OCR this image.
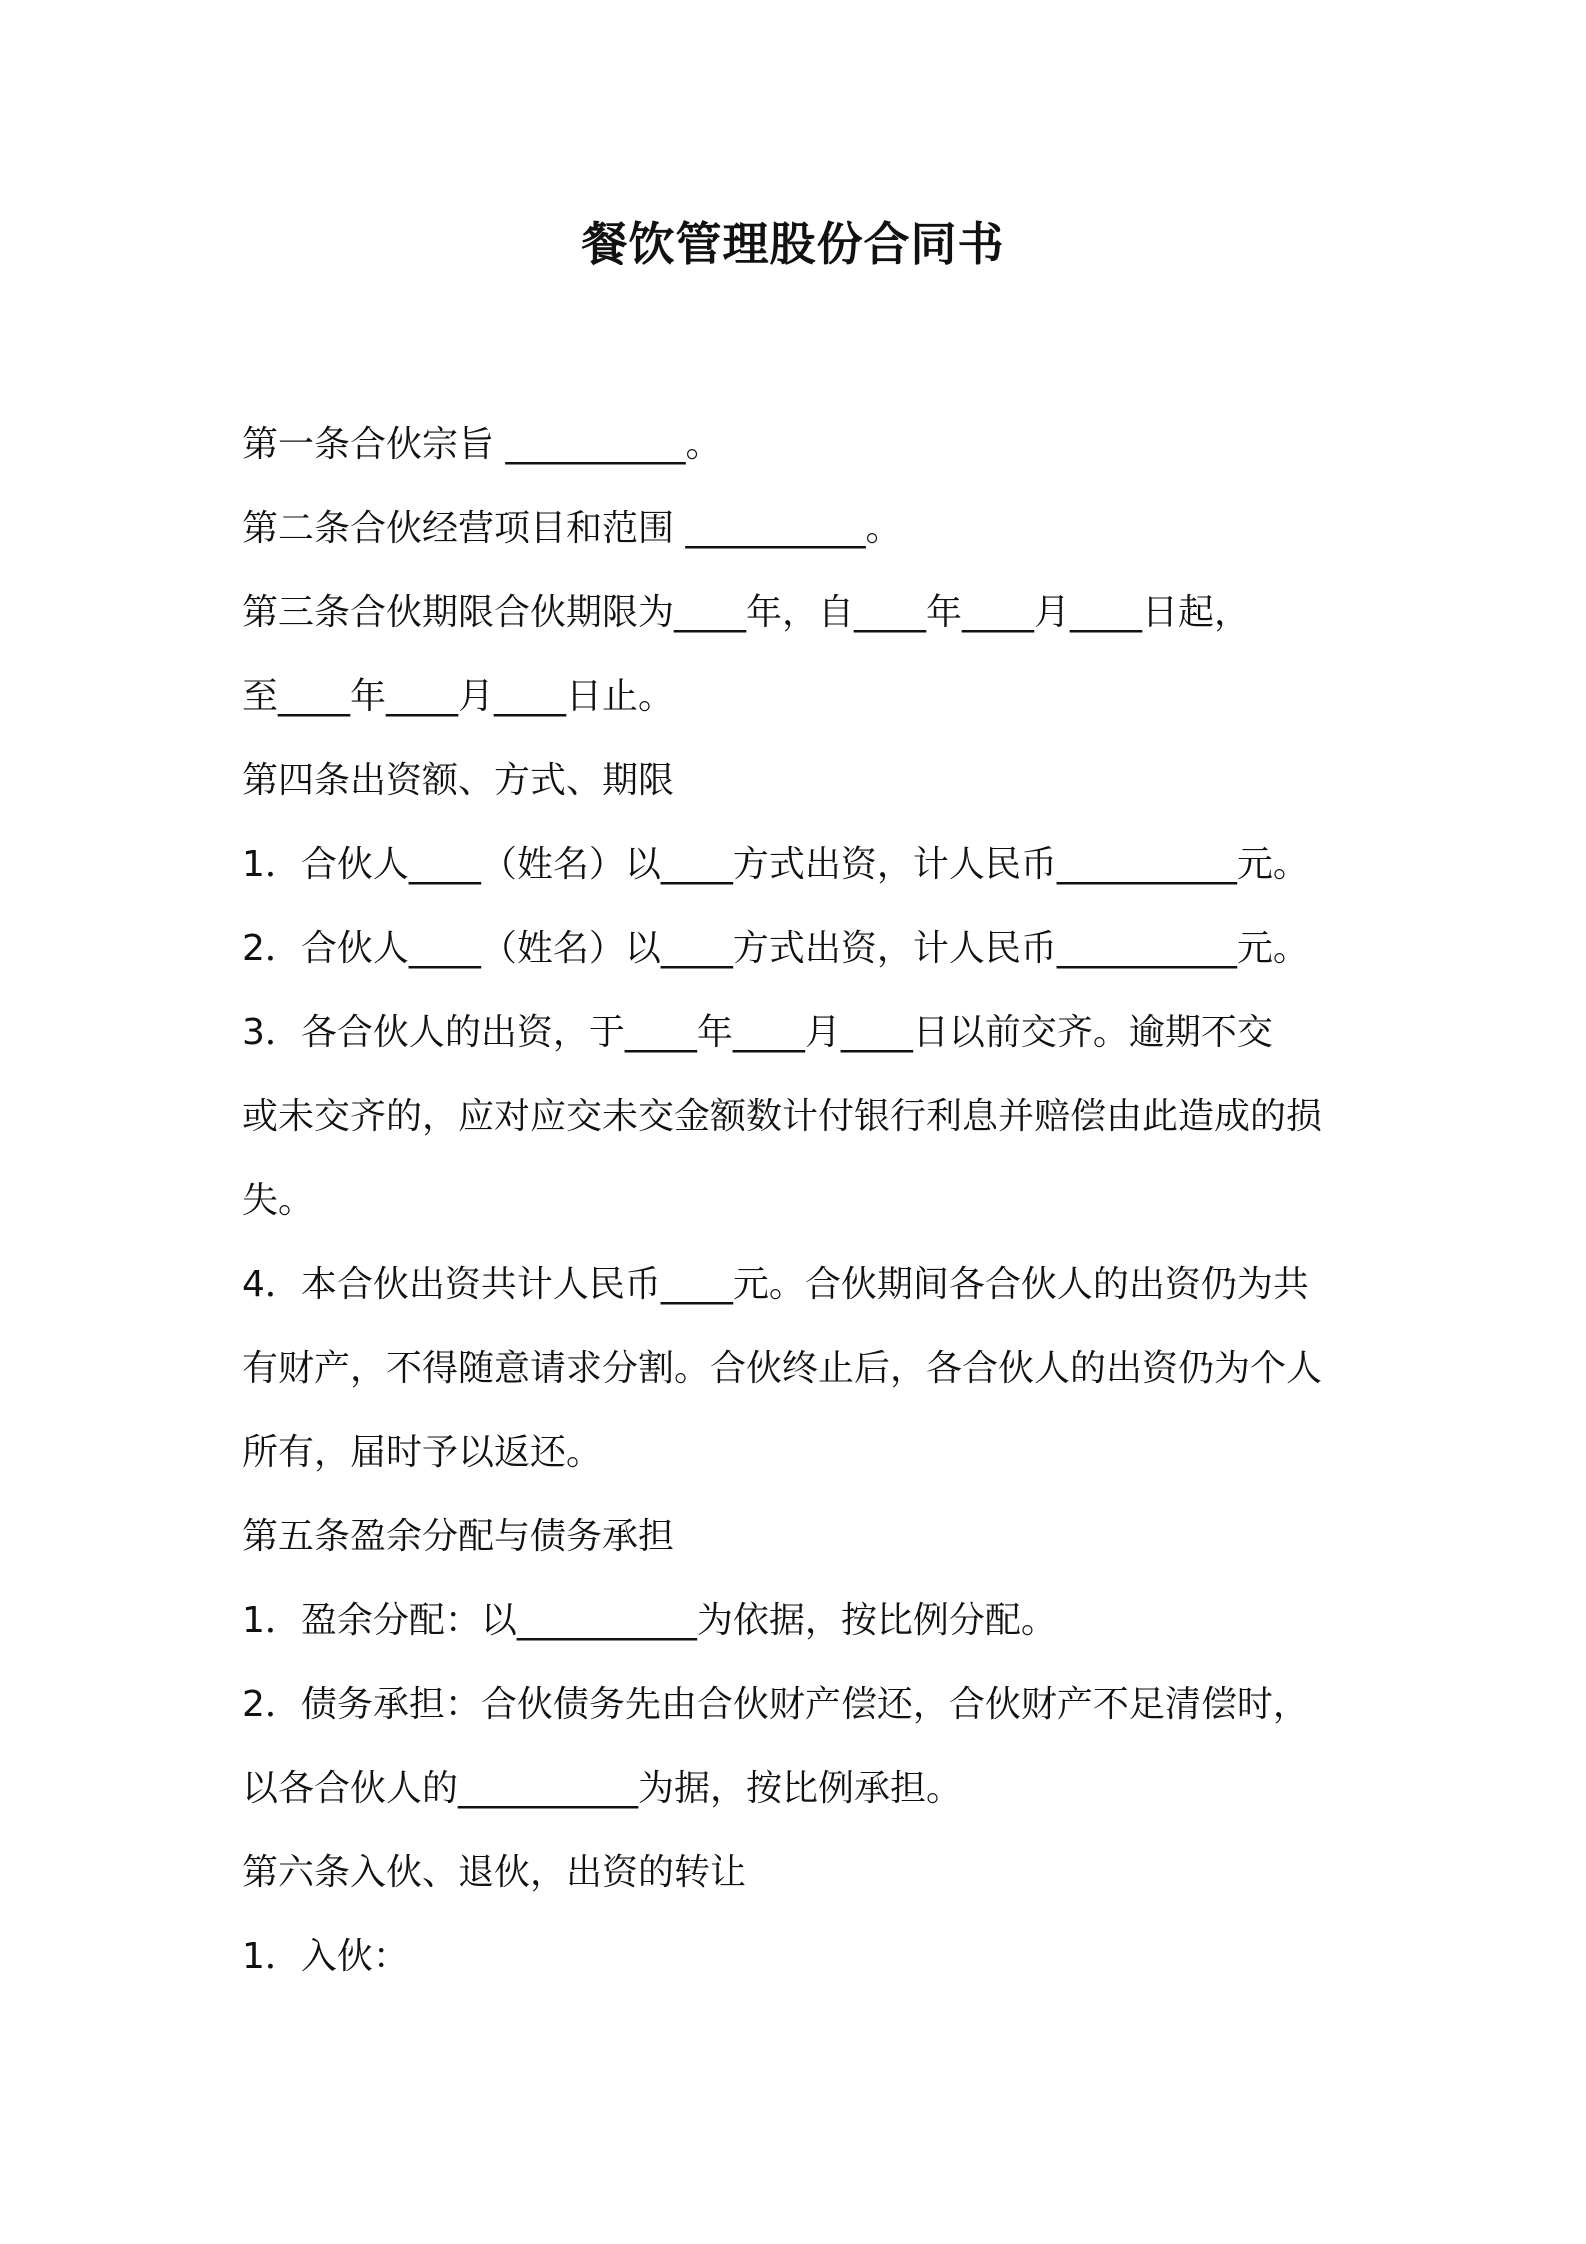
餐饮管理股份合同书
第一条合伙宗旨 __________。
第二条合伙经营项目和范围 __________。
第三条合伙期限合伙期限为____年，自____年____月____日起，
至____年____月____日止。
第四条出资额、方式、期限
1．合伙人____（姓名）以____方式出资，计人民币__________元。
2．合伙人____（姓名）以____方式出资，计人民币__________元。
3．各合伙人的出资，于____年____月____日以前交齐。逾期不交
或未交齐的，应对应交未交金额数计付银行利息并赔偿由此造成的损
失。
4．本合伙出资共计人民币____元。合伙期间各合伙人的出资仍为共
有财产，不得随意请求分割。合伙终止后，各合伙人的出资仍为个人
所有，届时予以返还。
第五条盈余分配与债务承担
1．盈余分配：以__________为依据，按比例分配。
2．债务承担：合伙债务先由合伙财产偿还，合伙财产不足清偿时，
以各合伙人的__________为据，按比例承担。
第六条入伙、退伙，出资的转让
1．入伙：
